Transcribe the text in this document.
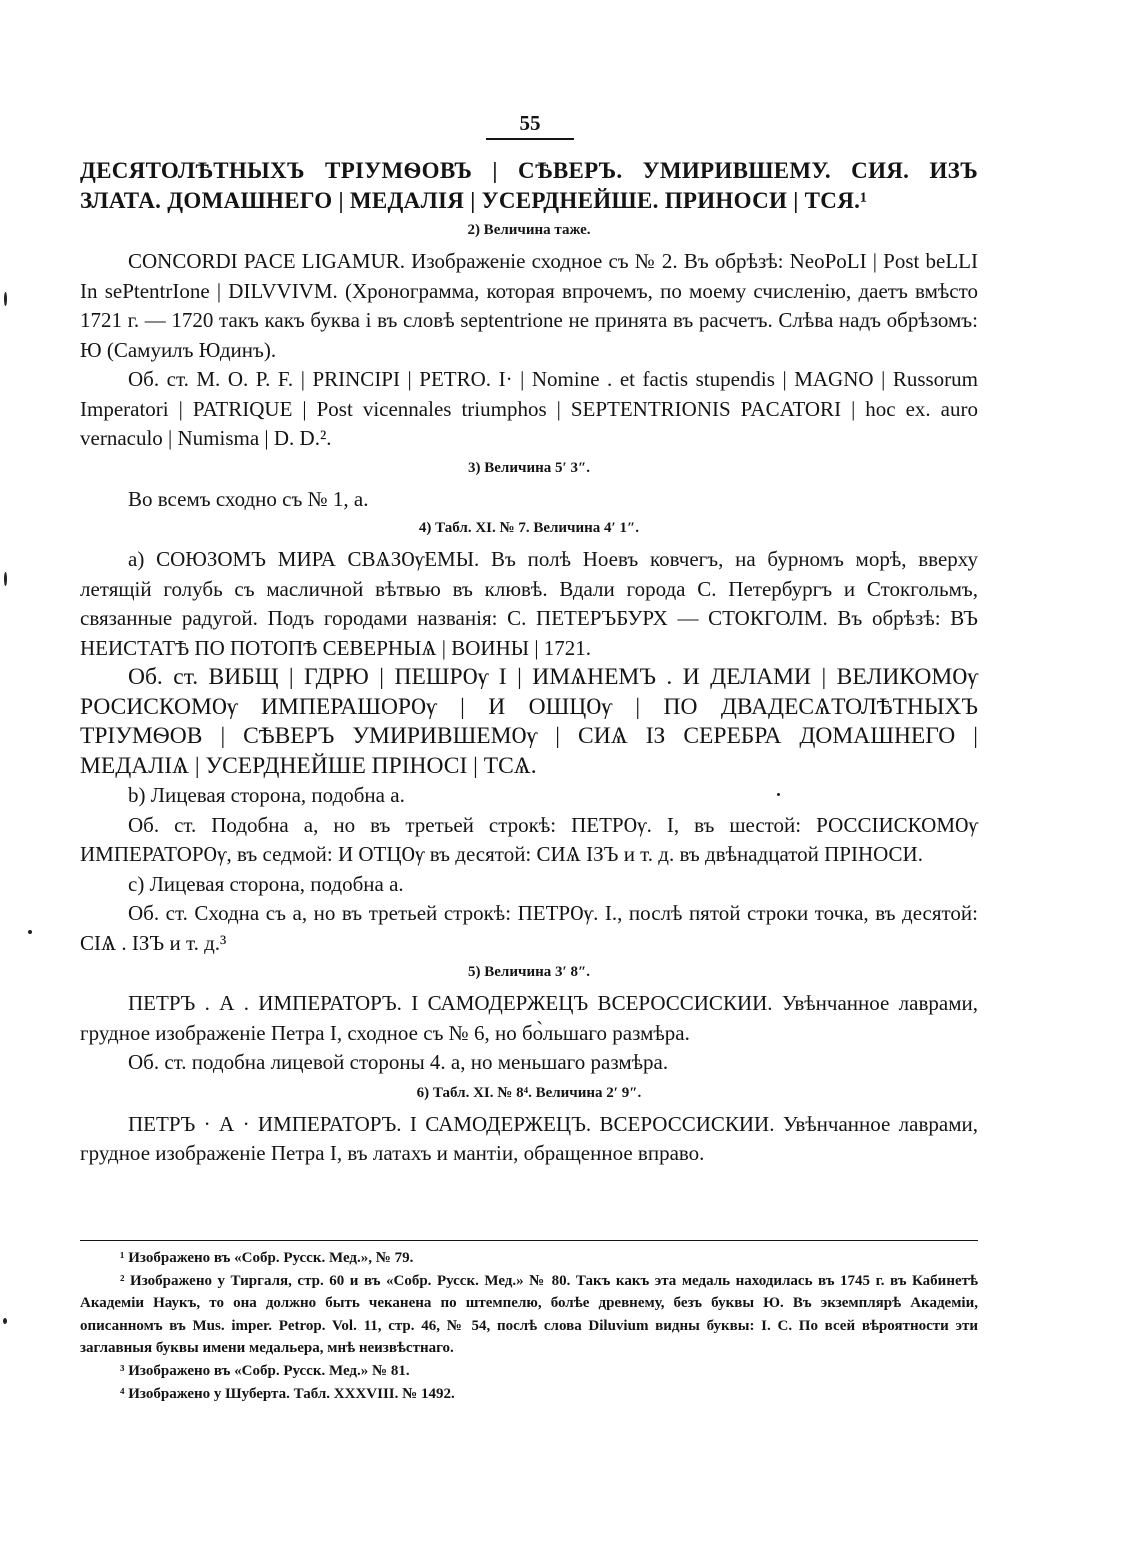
55

ДЕСЯТОЛѢТНЫХЪ ТРІУМѲОВЪ | СѢВЕРЪ. УМИРИВШЕМУ. СИЯ. ИЗЪ ЗЛАТА. ДОМАШНЕГО | МЕДАЛІЯ | УСЕРДНЕЙШЕ. ПРИНОСИ | ТСЯ.¹

2) Величина таже.

CONCORDI PACE LIGAMUR. Изображеніе сходное съ № 2. Въ обрѣзѣ: NeoPoLI | Post beLLI In sePtentrIone | DILVVIVM. (Хронограмма, которая впрочемъ, по моему счисленію, даетъ вмѣсто 1721 г. — 1720 такъ какъ буква i въ словѣ septentrione не принята въ расчетъ. Слѣва надъ обрѣзомъ: Ю (Самуилъ Юдинъ).

Об. ст. M. O. P. F. | PRINCIPI | PETRO. I· | Nomine . et factis stupendis | MAGNO | Russorum Imperatori | PATRIQUE | Post vicennales triumphos | SEPTENTRIONIS PACATORI | hoc ex. auro vernaculo | Numisma | D. D.².

3) Величина 5′ 3″.

Во всемъ сходно съ № 1, a.

4) Табл. XI. № 7. Величина 4′ 1″.

a) СОЮЗОМЪ МИРА СВѦЗѸЕМЫ. Въ полѣ Ноевъ ковчегъ, на бурномъ морѣ, вверху летящій голубь съ масличной вѣтвью въ клювѣ. Вдали города С. Петербургъ и Стокгольмъ, связанные радугой. Подъ городами названія: С. ПЕТЕРЪБУРХ — СТОКГОЛМ. Въ обрѣзѣ: ВЪ НЕИСТАТѢ ПО ПОТОПѢ СЕВЕРНЫѦ | ВОИНЫ | 1721.

Об. ст. ВИБЩ | ГДРЮ | ПЕШРѸ I | ИМѦНЕМЪ . И ДЕЛАМИ | ВЕЛИКОМѸ РОСИСКОМѸ ИМПЕРАШОРѸ | И ОШЦѸ | ПО ДВАДЕСѦТОЛѢТНЫХЪ ТРІУМѲОВ | СѢВЕРЪ УМИРИВШЕМѸ | СИѦ IЗ СЕРЕБРА ДОМАШНЕГО | МЕДАЛІѦ | УСЕРДНЕЙШЕ ПРІНОСІ | ТСѦ.

b) Лицевая сторона, подобна a.

Об. ст. Подобна a, но въ третьей строкѣ: ПЕТРѸ. I, въ шестой: РОССIИСКОМѸ ИМПЕРАТОРѸ, въ седмой: И ОТЦѸ въ десятой: СИѦ IЗЪ и т. д. въ двѣнадцатой ПРІНОСИ.

c) Лицевая сторона, подобна a.

Об. ст. Сходна съ a, но въ третьей строкѣ: ПЕТРѸ. I., послѣ пятой строки точка, въ десятой: СIѦ . IЗЪ и т. д.³

5) Величина 3′ 8″.

ПЕТРЪ . А . ИМПЕРАТОРЪ. I САМОДЕРЖЕЦЪ ВСЕРОССИСКИИ. Увѣнчанное лаврами, грудное изображеніе Петра I, сходное съ № 6, но бо̀льшаго размѣра.

Об. ст. подобна лицевой стороны 4. a, но меньшаго размѣра.

6) Табл. XI. № 8⁴. Величина 2′ 9″.

ПЕТРЪ · А · ИМПЕРАТОРЪ. I САМОДЕРЖЕЦЪ. ВСЕРОССИСКИИ. Увѣнчанное лаврами, грудное изображеніе Петра I, въ латахъ и мантіи, обращенное вправо.

¹ Изображено въ «Собр. Русск. Мед.», № 79.

² Изображено у Тиргаля, стр. 60 и въ «Собр. Русск. Мед.» № 80. Такъ какъ эта медаль находилась въ 1745 г. въ Кабинетѣ Академіи Наукъ, то она должно быть чеканена по штемпелю, болѣе древнему, безъ буквы Ю. Въ экземплярѣ Академіи, описанномъ въ Mus. imper. Petrop. Vol. 11, стр. 46, № 54, послѣ слова Diluvium видны буквы: I. С. По всей вѣроятности эти заглавныя буквы имени медальера, мнѣ неизвѣстнаго.

³ Изображено въ «Собр. Русск. Мед.» № 81.

⁴ Изображено у Шуберта. Табл. XXXVIII. № 1492.
